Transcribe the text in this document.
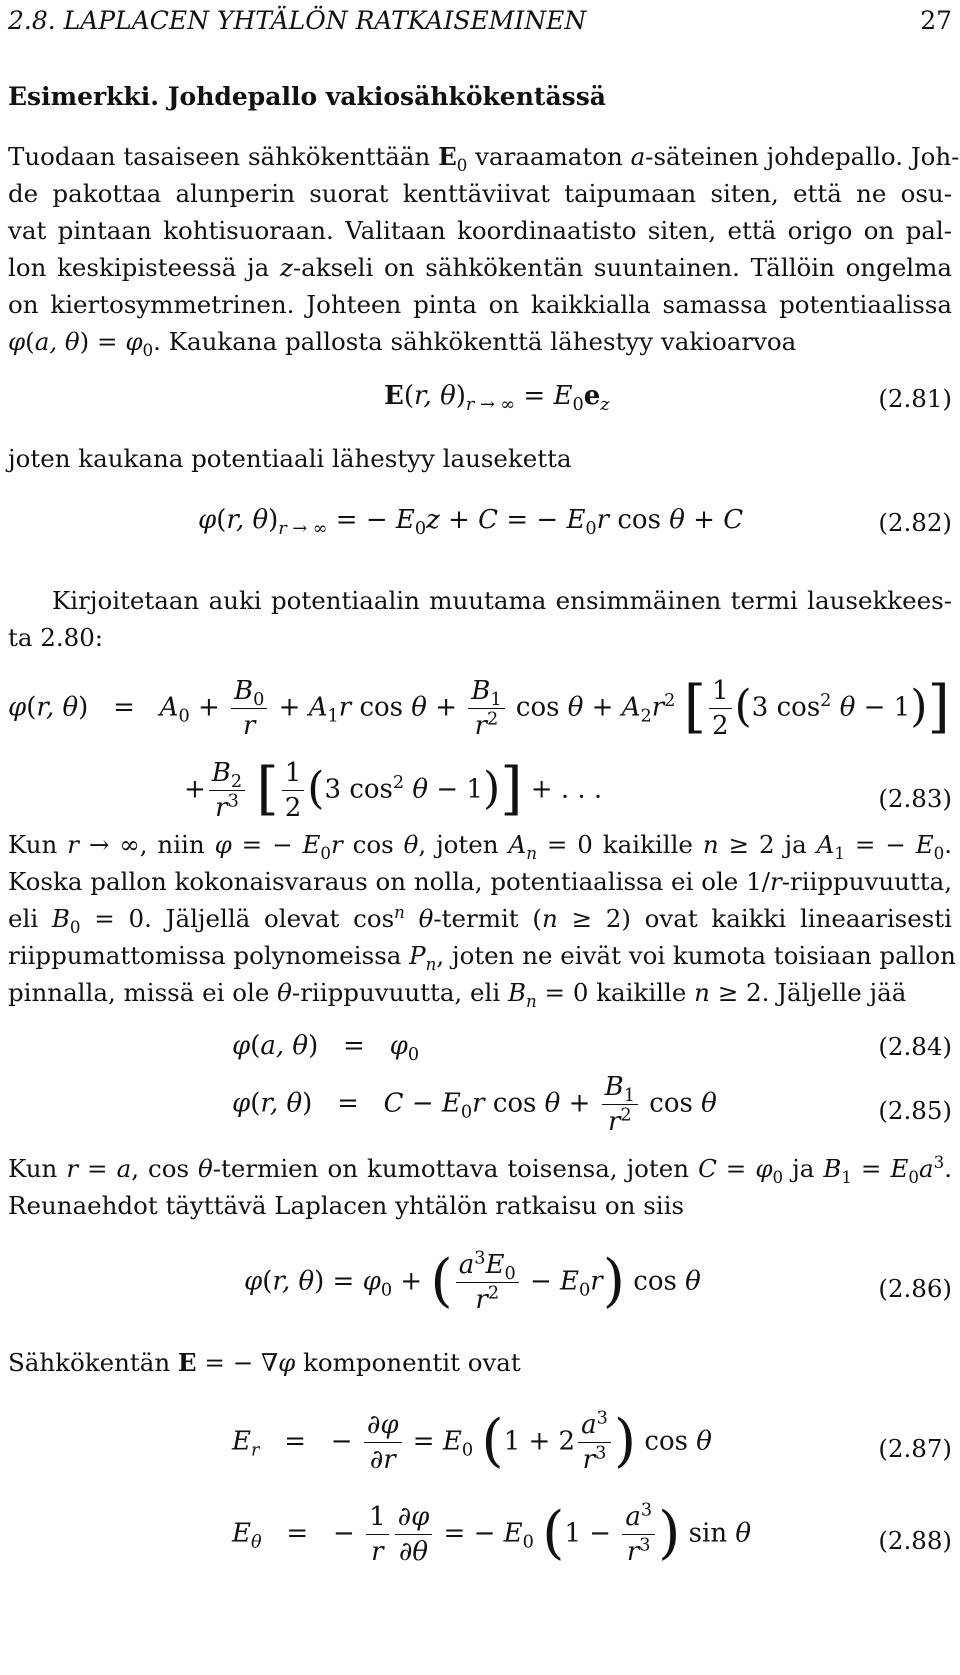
2.8. LAPLACEN YHTÄLÖN RATKAISEMINEN	27
Esimerkki. Johdepallo vakiosähkökentässä
Tuodaan tasaiseen sähkökenttään $E_0$ varaamaton a-säteinen johdepallo. Joh-
de pakottaa alunperin suorat kenttäviivat taipumaan siten, että ne osu-
vat pintaan kohtisuoraan. Valitaan koordinaatisto siten, että origo on pal-
lon keskipisteessä ja z-akseli on sähkökentän suuntainen. Tällöin ongelma
on kiertosymmetrinen. Johteen pinta on kaikkialla samassa potentiaalissa
φ(a, $\theta) = \varphi_0$. Kaukana pallosta sähkökenttä lähestyy vakioarvoa
E(r, $\theta)_{r \to \infty} = E_0e_z$	(2.81)
joten kaukana potentiaali lähestyy lauseketta
φ(r, $\theta)_{r \to \infty}$ = − $E_0z + C$ = − $E_0r$ cos θ + C	(2.82)
Kirjoitetaan auki potentiaalin muutama ensimmäinen termi lausekkees-
ta 2.80:
φ(r, $\theta) = A_0 + \frac{B_0}{r} + A_1r$ $\cos \theta + \frac{B_1}{r^2}$ $\cos \theta + A_2r^2$ [ $\frac{1}{2} (3$ $\cos^2 \theta - 1$)]
+ $\frac{B_2}{r^3}$ [ $\frac{1}{2} (3$ $\cos^2 \theta - 1$)] + . . .	(2.83)
Kun r → ∞, niin φ = − $E_0r$ cos θ, joten $A_n = 0$ kaikille n ≥ 2 ja $A_1$ = − $E_0$.
Koska pallon kokonaisvaraus on nolla, potentiaalissa ei ole 1/r-riippuvuutta,
eli $B_0 = 0$. Jäljellä olevat $\cos^n$ θ-termit (n ≥ 2) ovat kaikki lineaarisesti
riippumattomissa polynomeissa $P_n$, joten ne eivät voi kumota toisiaan pallon
pinnalla, missä ei ole θ-riippuvuutta, eli $B_n = 0$ kaikille n ≥ 2. Jäljelle jää
φ(a, $\theta) = \varphi_0$	(2.84)
φ(r, $\theta) = C - E_0r$ $\cos \theta + \frac{B_1}{r^2}$ cos θ	(2.85)
Kun r = a, cos θ-termien on kumottava toisensa, joten $C = \varphi_0$ ja $B_1 = E_0a^3$.
Reunaehdot täyttävä Laplacen yhtälön ratkaisu on siis
φ(r, $\theta) = \varphi_0$ + ( $\frac{a^3E_0}{r^2} - E_0r$) cos θ	(2.86)
Sähkökentän E = − ∇φ komponentit ovat
$E_r$   =   − $\frac{\partial\varphi}{\partial r} = E_0$ ($1 + 2 \frac{a^3}{r^3}$ ) cos θ	(2.87)
$E_\theta$   =   − $\frac{1}{r} \frac{\partial\varphi}{\partial\theta}$ = − $E_0$ ($1 - \frac{a^3}{r^3}$ ) sin θ	(2.88)
